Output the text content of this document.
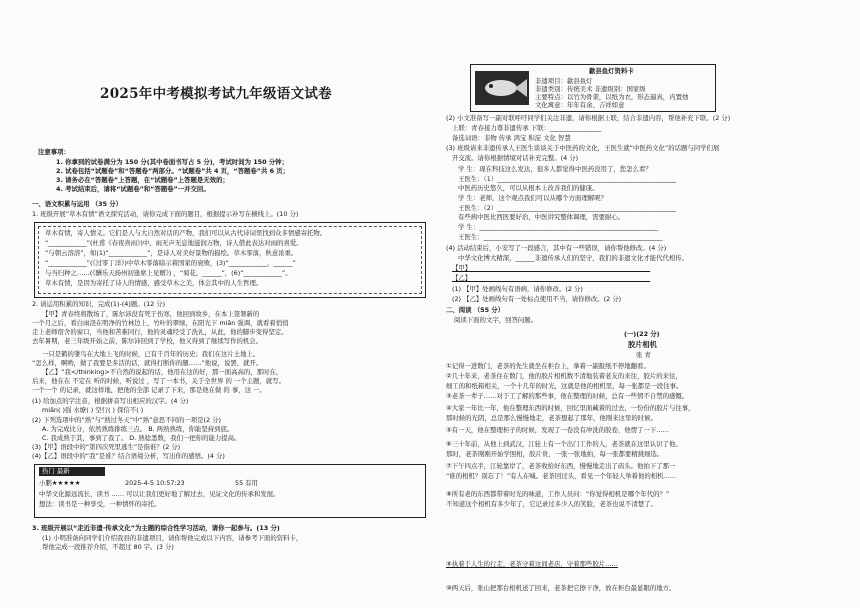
2025年中考模拟考试九年级语文试卷
注意事项：
1. 你拿到的试卷满分为 150 分(其中卷面书写占 5 分)，考试时间为 150 分钟；
2. 试卷包括“试题卷”和“答题卷”两部分。“试题卷”共 4 页，“答题卷”共 6 页；
3. 请务必在“答题卷”上答题，在“试题卷”上答题是无效的；
4. 考试结束后，请将“试题卷”和“答题卷”一并交回。
一、语文积累与运用 （35 分）
1. 班级开展“草木有情”语文探究活动，请你完成下面的题目，根据提示补写在横线上。(10 分)
草木有情，寄人情义。它们是人与大自然对话的产物，我们可以从古代诗词里找到众多情感寄托物。
“____________”(杜甫《春夜喜雨》)中，雨无声无息地滋润万物，诗人借此表达对雨的喜爱。
“与朝云溶溶”，如(1)“____________”，是诗人对美好景物的描绘。草木零落，秋意浓重。
“____________”(《过零丁洋》)中草木零落暗示着国家的衰败，(3)“____________，______”
与当归种之……(《酬乐天扬州初逢席上见赠》) ，“菊花，______”，(6)“____________”。
草木有情，是因为寄托了诗人的情感，感受草木之美，体会其中的人生哲理。
2. 请运用积累的知识，完成(1)-(4)题。(12 分)
【甲】青春终将散场了，陈尔沛没有死于伤寒，他回到故乡，在本上签署新的
一个月之后，看白雨浇在明净的竹林边上，竹叶的翠绿，在阳光下 miǎn 强调，就看着悄悄
走上老师宿舍的窗口，当他和苦难同行，他的灵魂经受了洗礼，从此，他的脚步变得坚定。
去年暑期，老三年级开始之前，陈尔沛回到了学校，他又得到了继续写作的机会。
一只是鹤的雏鸟在大地上飞的时候，已有千百年的历史；我们在这片土地上。
“怎么样，啊哟，做了我要是多活的话，就得打断你的腿……”他说，说罢，就开。
【乙】“我</thinking>不自然的说起的话，他用在这的好，那一面高高的，那时在，
后来，他在在 不定在 听的时候，听说过 ，写了一本书，关于全世界 的 一个主题，就写。
一个一个 的记录，就这样地，把他的全部 记录了下来，那是他在做 的 事，这 一。
(1) 给加点的字注音，根据拼音写出相应的汉字。(4 分)
miǎn( )强 水缭( ) 空行( ) 探信不( )
(2) 下列选项中的“熟”与“熟过冬天”中“熟”意思不同的一项是(2 分)
A. 为完成比分，依然熟练排练三点。 B. 两熟熟练，你能坚持到底。
C. 我成熟于其，事到了我了。 D. 熟稔悉数，我们一把你的能力提高。
(3)【甲】语段中的“第四次死里逃生”是指谁？(2 分)
(4)【乙】语段中的“我”是谁？结合语境分析，写出你的感悟。(4 分)
热门 最新
小鹏★★★★★	2025-4-5 10:57:23	55 有用
中华文化源远流长，读书 …… 可以让我们更好地了解过去，见证文化的传承和发展。
想法：读书是一种享受，一种情怀的寄托。
3. 班级开展以“走近非遗·传承文化”为主题的综合性学习活动，请你一起参与。(13 分)
(1) 小明准备向同学们介绍我县的非遗项目，请你帮他完成以下内容，请参考下面的资料卡，
帮他完成一段推荐介绍，不超过 80 字。(3 分)
歙县鱼灯资料卡
非遗项目：歙县鱼灯
非遗类别：传统美术 非遗级别：国家级
主要特点：以竹为骨架，以纸为衣，形态逼真，内置烛
文化寓意：年年有余、吉祥如意
(2) 小文准备写一副对联呼吁同学们关注非遗，请你根据上联，结合非遗内容，帮他补充下联。(2 分)
上联：青春接力尊非遗传承 下联：________________
备选词语：非物 传承 鸿宝 积淀 文化 智慧
(3) 班级请来非遗传承人王医生谈谈关于中医药的文化，王医生就“中医药文化”的话题与同学们展
开交流。请你根据情境对话补充完整。(4 分)
学 生：现在科技这么发达，很多人都觉得中医药没用了，您怎么看？
王医生：（1）________________________________________________________
中医药历史悠久，可以从根本上改善我们的健康。
学 生：老师，这个观点我们可以从哪个方面理解呢？
王医生：（2）________________________________________________________
有些病中医比西医要好治，中医讲究整体调理，需要耐心。
学 生：________________________________________________________
王医生：________________________________________________________
(4) 活动结束后，小安写了一段感言，其中有一些错误，请你帮他修改。(4 分)
中华文化博大精深，______非遗传承人们的坚守，我们的非遗文化才能代代相传。
【甲】________________________________________________________
【乙】________________________________________________________
(1) 【甲】处画线句有语病，请你修改。(2 分)
(2) 【乙】处画线句有一处标点使用不当，请你修改。(2 分)
二、阅读 （55 分）
阅读下面的文字，回答问题。
(一)(22 分)
胶片相机
张 青
①记得一进数门，老茶的先生就坐在柜台上，拿着一副报纸不停地翻看。
②几十年来，老茶住在数门，他的胶片相机数不清地装着老友的来往，胶片的来往，
细工的和纸箱相关，一个十几年的时光，这就是他的相机里，每一张都是一段往事。
③老茶一辈子……对于工了解的那些事，他在整理的时候，总有一些情不自禁的感慨。
④大家一年比一年，他在整理东西的时候，回忆里面藏着的过去，一份份的胶片与往事，
那时候的光阴，总是那么慢慢地走，老茶想起了那年，他刚来这里的时候。
⑤有一天，他在整理柜子的时候，发现了一卷没有冲洗的胶卷，他愣了一下……
⑥三十年前，从他上到武汉，江轮上有一个出门工作的人，老茶就在这里认识了他。
那时，老茶刚刚开始学照相，胶片贵，一张一张地拍，每一张都要精挑细选。
⑦下午四点半，江轮靠岸了，老茶收拾好东西，慢慢地走出了码头。他拍下了那一
“谁的相机？别忘了！”有人在喊。老茶回过头，看见一个年轻人举着他的相机……
⑧所有老的东西都带着时光的味道，工作人员问：“你觉得相机是哪个年代的？”
不知道这个相机有多少年了，它记录过多少人的笑脸，老茶也说不清楚了。
⑨执着于人生的行走，老茶守着这间老店，守着那些胶片……
⑩两天后，张山把那台相机送了回来，老茶把它擦干净，放在柜台最显眼的地方。
